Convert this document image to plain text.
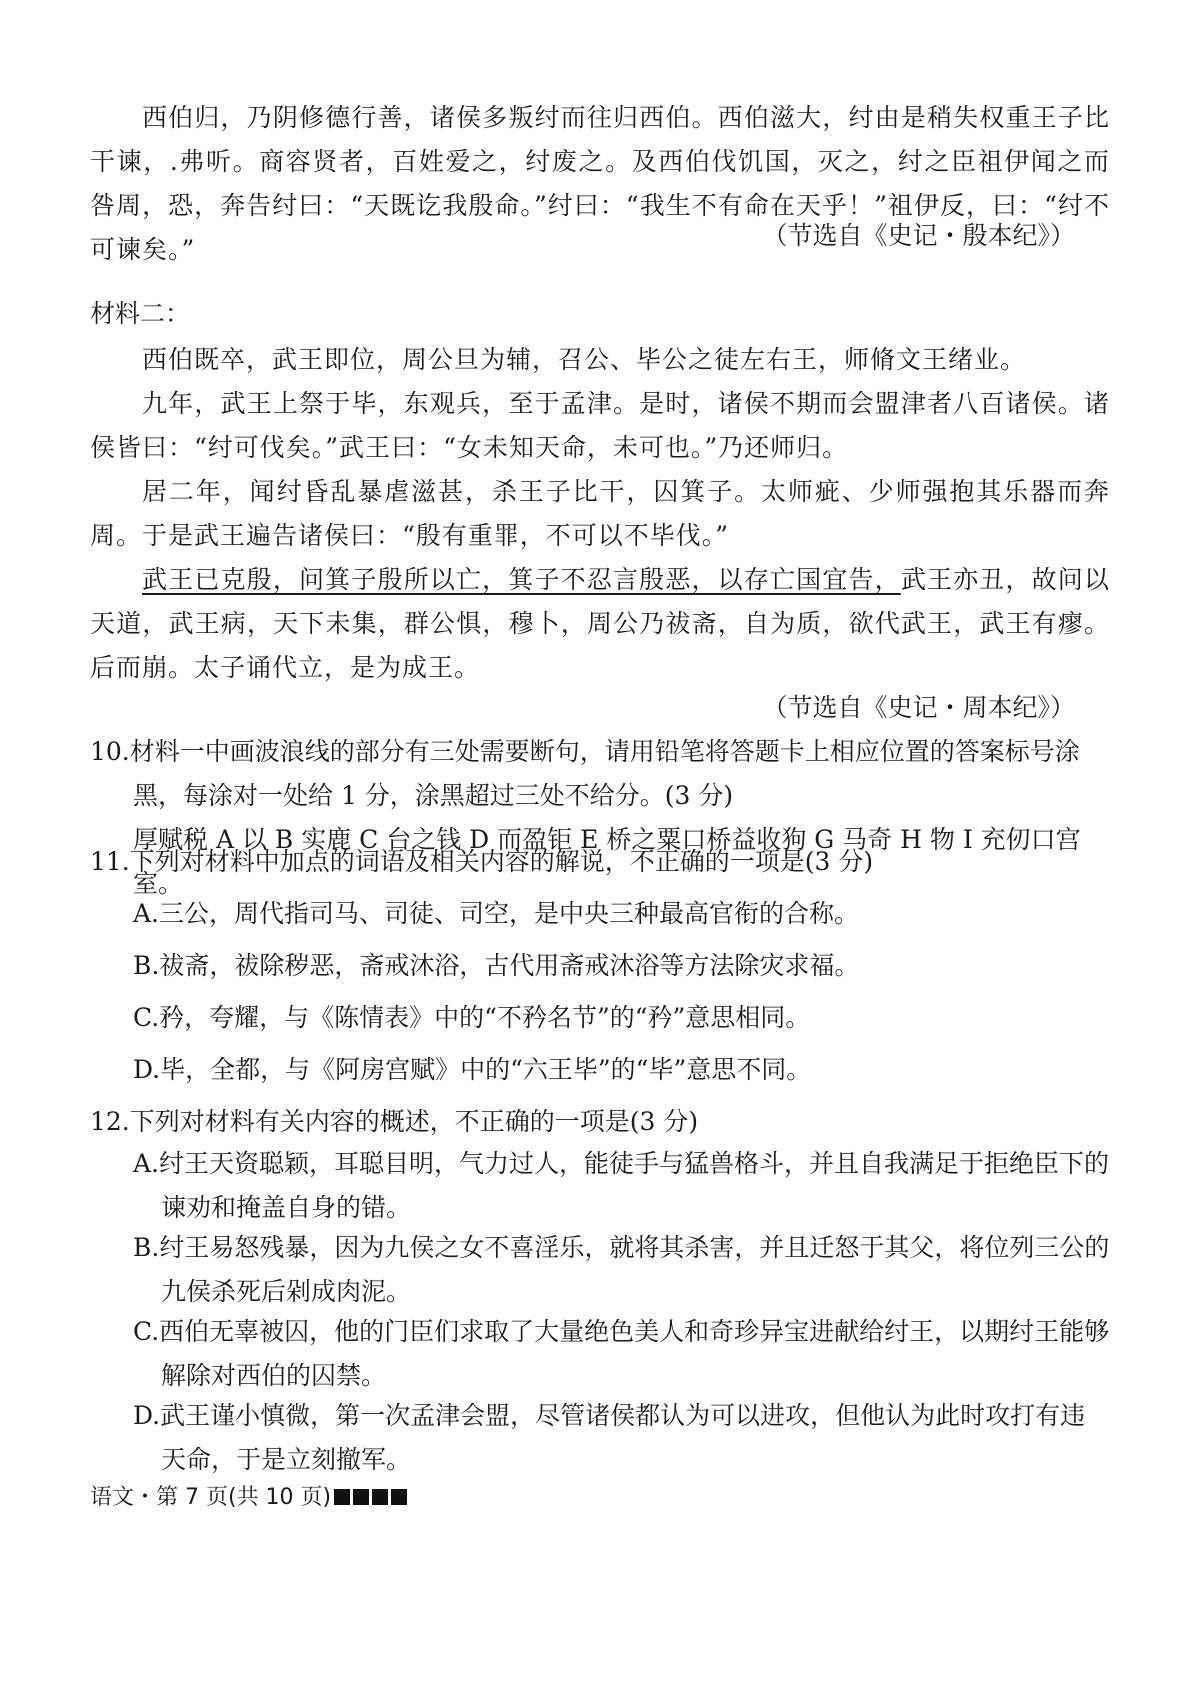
西伯归，乃阴修德行善，诸侯多叛纣而往归西伯。西伯滋大，纣由是稍失权重王子比干谏，.弗听。商容贤者，百姓爱之，纣废之。及西伯伐饥国，灭之，纣之臣祖伊闻之而咎周，恐，奔告纣曰：“天既讫我殷命。”纣曰：“我生不有命在天乎！”祖伊反，曰：“纣不可谏矣。”	（节选自《史记・殷本纪》）

材料二：

西伯既卒，武王即位，周公旦为辅，召公、毕公之徒左右王，师脩文王绪业。

九年，武王上祭于毕，东观兵，至于孟津。是时，诸侯不期而会盟津者八百诸侯。诸侯皆曰：“纣可伐矣。”武王曰：“女未知天命，未可也。”乃还师归。

居二年，闻纣昏乱暴虐滋甚，杀王子比干，囚箕子。太师疵、少师强抱其乐器而奔周。于是武王遍告诸侯曰：“殷有重罪，不可以不毕伐。”

武王已克殷，问箕子殷所以亡，箕子不忍言殷恶，以存亡国宜告，武王亦丑，故问以天道，武王病，天下未集，群公惧，穆卜，周公乃祓斋，自为质，欲代武王，武王有瘳。后而崩。太子诵代立，是为成王。

（节选自《史记・周本纪》）

10.材料一中画波浪线的部分有三处需要断句，请用铅笔将答题卡上相应位置的答案标号涂黑，每涂对一处给 1 分，涂黑超过三处不给分。(3 分)
厚赋税 A 以 B 实鹿 C 台之钱 D 而盈钜 E 桥之粟口桥益收狗 G 马奇 H 物 I 充仞口宫室。
11.下列对材料中加点的词语及相关内容的解说，不正确的一项是(3 分)

A.三公，周代指司马、司徒、司空，是中央三种最高官衔的合称。

B.祓斋，祓除秽恶，斋戒沐浴，古代用斋戒沐浴等方法除灾求福。

C.矜，夸耀，与《陈情表》中的“不矜名节”的“矜”意思相同。

D.毕，全都，与《阿房宫赋》中的“六王毕”的“毕”意思不同。

12.下列对材料有关内容的概述，不正确的一项是(3 分)

A.纣王天资聪颖，耳聪目明，气力过人，能徒手与猛兽格斗，并且自我满足于拒绝臣下的谏劝和掩盖自身的错。

B.纣王易怒残暴，因为九侯之女不喜淫乐，就将其杀害，并且迁怒于其父，将位列三公的九侯杀死后剁成肉泥。

C.西伯无辜被囚，他的门臣们求取了大量绝色美人和奇珍异宝进献给纣王，以期纣王能够解除对西伯的囚禁。

D.武王谨小慎微，第一次孟津会盟，尽管诸侯都认为可以进攻，但他认为此时攻打有违天命，于是立刻撤军。

语文・第 7 页(共 10 页)
